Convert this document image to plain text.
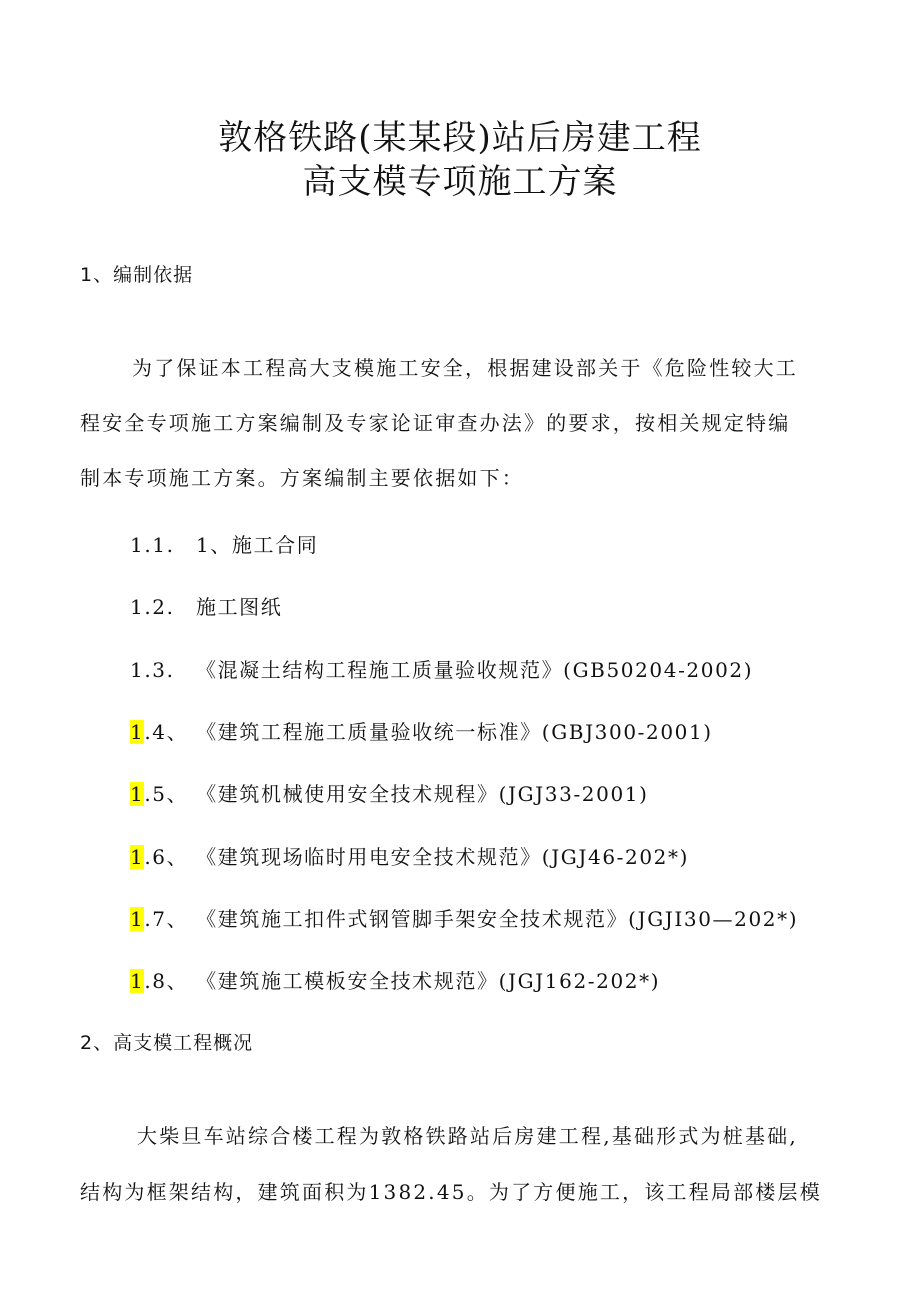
敦格铁路(某某段)站后房建工程
高支模专项施工方案
1、编制依据
为了保证本工程高大支模施工安全，根据建设部关于《危险性较大工
程安全专项施工方案编制及专家论证审查办法》的要求，按相关规定特编
制本专项施工方案。方案编制主要依据如下：
1.1. 1、施工合同
1.2. 施工图纸
1.3. 《混凝土结构工程施工质量验收规范》(GB50204-2002)
1.4、 《建筑工程施工质量验收统一标准》(GBJ300-2001)
1.5、 《建筑机械使用安全技术规程》(JGJ33-2001)
1.6、 《建筑现场临时用电安全技术规范》(JGJ46-202*)
1.7、 《建筑施工扣件式钢管脚手架安全技术规范》(JGJI30—202*)
1.8、 《建筑施工模板安全技术规范》(JGJ162-202*)
2、高支模工程概况
大柴旦车站综合楼工程为敦格铁路站后房建工程,基础形式为桩基础,
结构为框架结构，建筑面积为1382.45。为了方便施工，该工程局部楼层模
